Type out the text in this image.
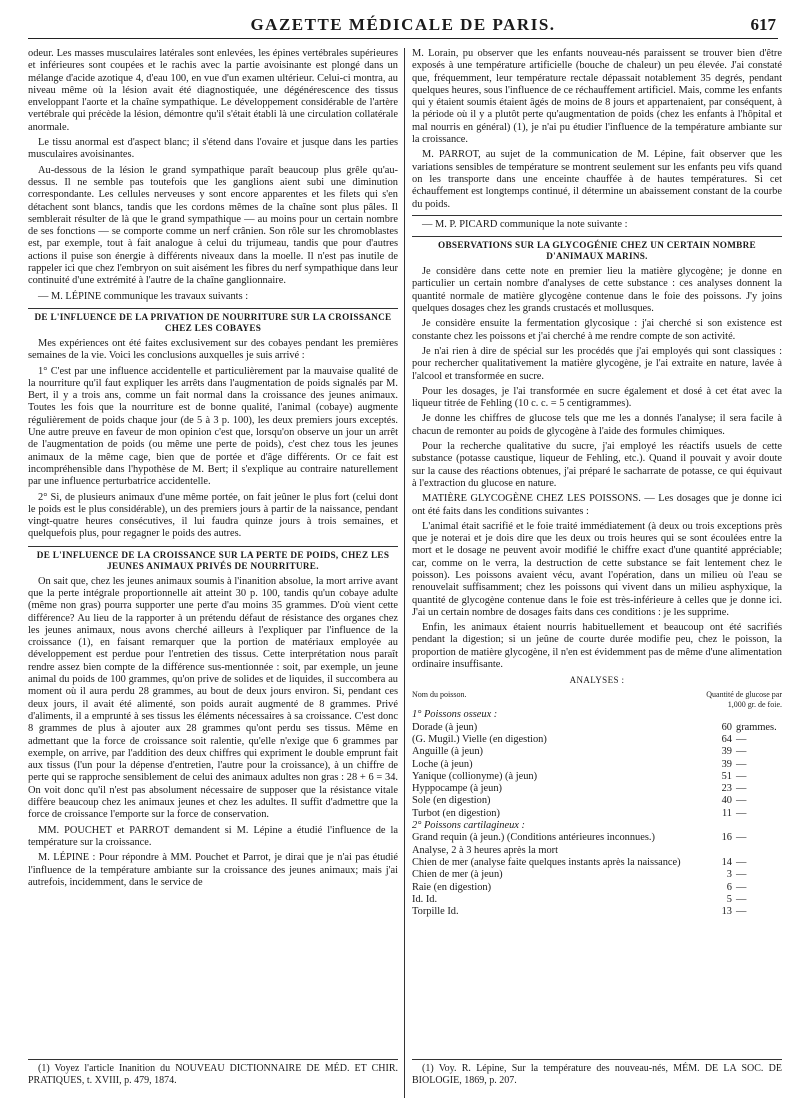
GAZETTE MÉDICALE DE PARIS.	617

odeur. Les masses musculaires latérales sont enlevées, les épines vertébrales supérieures et inférieures sont coupées et le rachis avec la partie avoisinante est plongé dans un mélange d'acide azotique 4, d'eau 100, en vue d'un examen ultérieur. Celui-ci montra, au niveau même où la lésion avait été diagnostiquée, une dégénérescence des tissus enveloppant l'aorte et la chaîne sympathique. Le développement considérable de l'artère vertébrale qui précède la lésion, démontre qu'il s'était établi là une circulation collatérale anormale.

Le tissu anormal est d'aspect blanc; il s'étend dans l'ovaire et jusque dans les parties musculaires avoisinantes.

Au-dessous de la lésion le grand sympathique paraît beaucoup plus grêle qu'au-dessus. Il ne semble pas toutefois que les ganglions aient subi une diminution correspondante. Les cellules nerveuses y sont encore apparentes et les filets qui s'en détachent sont blancs, tandis que les cordons mêmes de la chaîne sont plus pâles. Il semblerait résulter de là que le grand sympathique — au moins pour un certain nombre de ses fonctions — se comporte comme un nerf crânien. Son rôle sur les chromoblastes est, par exemple, tout à fait analogue à celui du trijumeau, tandis que pour d'autres actions il puise son énergie à différents niveaux dans la moelle. Il n'est pas inutile de rappeler ici que chez l'embryon on suit aisément les fibres du nerf sympathique dans leur continuité d'une extrémité à l'autre de la chaîne ganglionnaire.

— M. LÉPINE communique les travaux suivants :

DE L'INFLUENCE DE LA PRIVATION DE NOURRITURE SUR LA CROISSANCE CHEZ LES COBAYES

Mes expériences ont été faites exclusivement sur des cobayes pendant les premières semaines de la vie. Voici les conclusions auxquelles je suis arrivé :

1° C'est par une influence accidentelle et particulièrement par la mauvaise qualité de la nourriture qu'il faut expliquer les arrêts dans l'augmentation de poids signalés par M. Bert, il y a trois ans, comme un fait normal dans la croissance des jeunes animaux. Toutes les fois que la nourriture est de bonne qualité, l'animal (cobaye) augmente régulièrement de poids chaque jour (de 5 à 3 p. 100), les deux premiers jours exceptés. Une autre preuve en faveur de mon opinion c'est que, lorsqu'on observe un jour un arrêt de l'augmentation de poids (ou même une perte de poids), c'est chez tous les jeunes animaux de la même cage, bien que de portée et d'âge différents. Or ce fait est incompréhensible dans l'hypothèse de M. Bert; il s'explique au contraire naturellement par une influence perturbatrice accidentelle.

2° Si, de plusieurs animaux d'une même portée, on fait jeûner le plus fort (celui dont le poids est le plus considérable), un des premiers jours à partir de la naissance, pendant vingt-quatre heures consécutives, il lui faudra quinze jours à trois semaines, et quelquefois plus, pour regagner le poids des autres.

DE L'INFLUENCE DE LA CROISSANCE SUR LA PERTE DE POIDS, CHEZ LES JEUNES ANIMAUX PRIVÉS DE NOURRITURE.

On sait que, chez les jeunes animaux soumis à l'inanition absolue, la mort arrive avant que la perte intégrale proportionnelle ait atteint 30 p. 100, tandis qu'un cobaye adulte (même non gras) pourra supporter une perte d'au moins 35 grammes. D'où vient cette différence? Au lieu de la rapporter à un prétendu défaut de résistance des organes chez les jeunes animaux, nous avons cherché ailleurs à l'expliquer par l'influence de la croissance (1), en faisant remarquer que la portion de matériaux employée au développement est perdue pour l'entretien des tissus. Cette interprétation nous paraît rendre assez bien compte de la différence sus-mentionnée : soit, par exemple, un jeune animal du poids de 100 grammes, qu'on prive de solides et de liquides, il succombera au moment où il aura perdu 28 grammes, au bout de deux jours environ. Si, pendant ces deux jours, il avait été alimenté, son poids aurait augmenté de 8 grammes. Privé d'aliments, il a emprunté à ses tissus les éléments nécessaires à sa croissance. C'est donc 8 grammes de plus à ajouter aux 28 grammes qu'ont perdu ses tissus. Même en admettant que la force de croissance soit ralentie, qu'elle n'exige que 6 grammes par exemple, on arrive, par l'addition des deux chiffres qui expriment le double emprunt fait aux tissus (l'un pour la dépense d'entretien, l'autre pour la croissance), à un chiffre de perte qui se rapproche sensiblement de celui des animaux adultes non gras : 28 + 6 = 34. On voit donc qu'il n'est pas absolument nécessaire de supposer que la résistance vitale diffère beaucoup chez les animaux jeunes et chez les adultes. Il suffit d'admettre que la force de croissance l'emporte sur la force de conservation.

MM. POUCHET et PARROT demandent si M. Lépine a étudié l'influence de la température sur la croissance.

M. LÉPINE : Pour répondre à MM. Pouchet et Parrot, je dirai que je n'ai pas étudié l'influence de la température ambiante sur la croissance des jeunes animaux; mais j'ai autrefois, incidemment, dans le service de

(1) Voyez l'article Inanition du NOUVEAU DICTIONNAIRE DE MÉD. ET CHIR. PRATIQUES, t. XVIII, p. 479, 1874.

M. Lorain, pu observer que les enfants nouveau-nés paraissent se trouver bien d'être exposés à une température artificielle (bouche de chaleur) un peu élevée. J'ai constaté que, fréquemment, leur température rectale dépassait notablement 35 degrés, pendant quelques heures, sous l'influence de ce réchauffement artificiel. Mais, comme les enfants qui y étaient soumis étaient âgés de moins de 8 jours et appartenaient, par conséquent, à la période où il y a plutôt perte qu'augmentation de poids (chez les enfants à l'hôpital et mal nourris en général) (1), je n'ai pu étudier l'influence de la température ambiante sur la croissance.

M. PARROT, au sujet de la communication de M. Lépine, fait observer que les variations sensibles de température se montrent seulement sur les enfants peu vifs quand on les transporte dans une enceinte chauffée à de hautes températures. Si cet échauffement est longtemps continué, il détermine un abaissement constant de la courbe du poids.

— M. P. PICARD communique la note suivante :

OBSERVATIONS SUR LA GLYCOGÉNIE CHEZ UN CERTAIN NOMBRE D'ANIMAUX MARINS.

Je considère dans cette note en premier lieu la matière glycogène; je donne en particulier un certain nombre d'analyses de cette substance : ces analyses donnent la quantité normale de matière glycogène contenue dans le foie des poissons. J'y joins quelques dosages chez les grands crustacés et mollusques.

Je considère ensuite la fermentation glycosique : j'ai cherché si son existence est constante chez les poissons et j'ai cherché à me rendre compte de son activité.

Je n'ai rien à dire de spécial sur les procédés que j'ai employés qui sont classiques : pour rechercher qualitativement la matière glycogène, je l'ai extraite en nature, lavée à l'alcool et transformée en sucre.

Pour les dosages, je l'ai transformée en sucre également et dosé à cet état avec la liqueur titrée de Fehling (10 c. c. = 5 centigrammes).

Je donne les chiffres de glucose tels que me les a donnés l'analyse; il sera facile à chacun de remonter au poids de glycogène à l'aide des formules chimiques.

Pour la recherche qualitative du sucre, j'ai employé les réactifs usuels de cette substance (potasse caustique, liqueur de Fehling, etc.). Quand il pouvait y avoir doute sur la cause des réactions obtenues, j'ai préparé le sacharrate de potasse, ce qui équivaut à l'extraction du glucose en nature.

MATIÈRE GLYCOGÈNE CHEZ LES POISSONS. — Les dosages que je donne ici ont été faits dans les conditions suivantes :

L'animal était sacrifié et le foie traité immédiatement (à deux ou trois exceptions près que je noterai et je dois dire que les deux ou trois heures qui se sont écoulées entre la mort et le dosage ne peuvent avoir modifié le chiffre exact d'une quantité appréciable; car, comme on le verra, la destruction de cette substance se fait lentement chez le poisson). Les poissons avaient vécu, avant l'opération, dans un milieu où l'eau se renouvelait suffisamment; chez les poissons qui vivent dans un milieu asphyxique, la quantité de glycogène contenue dans le foie est très-inférieure à celles que je donne ici. J'ai un certain nombre de dosages faits dans ces conditions : je les supprime.

Enfin, les animaux étaient nourris habituellement et beaucoup ont été sacrifiés pendant la digestion; si un jeûne de courte durée modifie peu, chez le poisson, la proportion de matière glycogène, il n'en est évidemment pas de même d'une alimentation ordinaire insuffisante.

ANALYSES :
Nom du poisson.	Quantité de glucose par 1,000 gr. de foie.	
1° Poissons osseux :		
Dorade (à jeun)	60	grammes.
(G. Mugil.) Vielle (en digestion)	64	—
Anguille (à jeun)	39	—
Loche (à jeun)	39	—
Yanique (collionyme) (à jeun)	51	—
Hyppocampe (à jeun)	23	—
Sole (en digestion)	40	—
Turbot (en digestion)	11	—
2° Poissons cartilagineux :		
Grand requin (à jeun.) (Conditions antérieures inconnues.) Analyse, 2 à 3 heures après la mort	16	—
Chien de mer (analyse faite quelques instants après la naissance)	14	—
Chien de mer (à jeun)	3	—
Raie (en digestion)	6	—
Id. Id.	5	—
Torpille Id.	13	—

(1) Voy. R. Lépine, Sur la température des nouveau-nés, MÉM. DE LA SOC. DE BIOLOGIE, 1869, p. 207.
